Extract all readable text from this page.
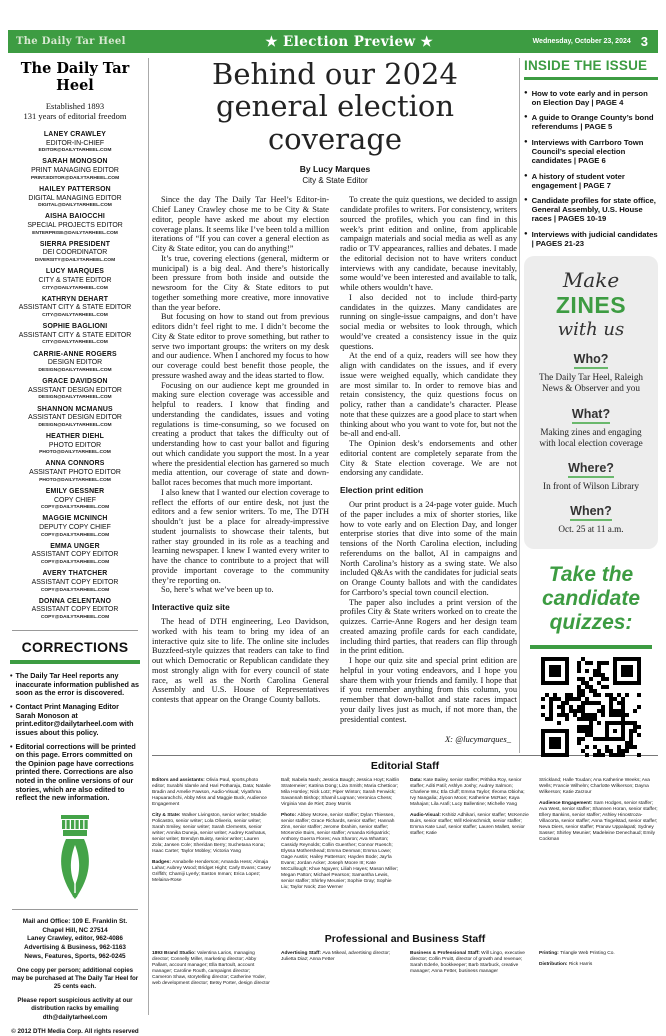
The Daily Tar Heel	★ Election Preview ★	Wednesday, October 23, 2024 3
The Daily Tar Heel
Established 1893
131 years of editorial freedom
LANEY CRAWLEY
EDITOR-IN-CHIEF
EDITOR@DAILYTARHEEL.COM
SARAH MONOSON
PRINT MANAGING EDITOR
PRINT.EDITOR@DAILYTARHEEL.COM
HAILEY PATTERSON
DIGITAL MANAGING EDITOR
DIGITAL@DAILYTARHEEL.COM
AISHA BAIOCCHI
SPECIAL PROJECTS EDITOR
ENTERPRISE@DAILYTARHEEL.COM
SIERRA PRESIDENT
DEI COORDINATOR
DIVERSITY@DAILYTARHEEL.COM
LUCY MARQUES
CITY & STATE EDITOR
CITY@DAILYTARHEEL.COM
KATHRYN DEHART
ASSISTANT CITY & STATE EDITOR
CITY@DAILYTARHEEL.COM
SOPHIE BAGLIONI
ASSISTANT CITY & STATE EDITOR
CITY@DAILYTARHEEL.COM
CARRIE-ANNE ROGERS
DESIGN EDITOR
DESIGN@DAILYTARHEEL.COM
GRACE DAVIDSON
ASSISTANT DESIGN EDITOR
DESIGN@DAILYTARHEEL.COM
SHANNON MCMANUS
ASSISTANT DESIGN EDITOR
DESIGN@DAILYTARHEEL.COM
HEATHER DIEHL
PHOTO EDITOR
PHOTO@DAILYTARHEEL.COM
ANNA CONNORS
ASSISTANT PHOTO EDITOR
PHOTO@DAILYTARHEEL.COM
EMILY GESSNER
COPY CHIEF
COPY@DAILYTARHEEL.COM
MAGGIE MCNINCH
DEPUTY COPY CHIEF
COPY@DAILYTARHEEL.COM
EMMA UNGER
ASSISTANT COPY EDITOR
COPY@DAILYTARHEEL.COM
AVERY THATCHER
ASSISTANT COPY EDITOR
COPY@DAILYTARHEEL.COM
DONNA CELENTANO
ASSISTANT COPY EDITOR
COPY@DAILYTARHEEL.COM
CORRECTIONS
• The Daily Tar Heel reports any inaccurate information published as soon as the error is discovered.
• Contact Print Managing Editor Sarah Monoson at print.editor@dailytarheel.com with issues about this policy.
• Editorial corrections will be printed on this page. Errors committed on the Opinion page have corrections printed there. Corrections are also noted in the online versions of our stories, which are also edited to reflect the new information.
Mail and Office: 109 E. Franklin St.
Chapel Hill, NC 27514
Laney Crawley, editor, 962-4086
Advertising & Business, 962-1163
News, Features, Sports, 962-0245
One copy per person; additional copies may be purchased at The Daily Tar Heel for 25 cents each.
Please report suspicious activity at our distribution racks by emailing dth@dailytarheel.com
© 2012 DTH Media Corp. All rights reserved
Behind our 2024 general election coverage
By Lucy Marques
City & State Editor

Since the day The Daily Tar Heel’s Editor-in-Chief Laney Crawley chose me to be City & State editor, people have asked me about my election coverage plans. It seems like I’ve been told a million iterations of “If you can cover a general election as City & State editor, you can do anything!”

It’s true, covering elections (general, midterm or municipal) is a big deal. And there’s historically been pressure from both inside and outside the newsroom for the City & State editors to put together something more creative, more innovative than the year before.

But focusing on how to stand out from previous editors didn’t feel right to me. I didn’t become the City & State editor to prove something, but rather to serve two important groups: the writers on my desk and our audience. When I anchored my focus to how our coverage could best benefit those people, the pressure washed away and the ideas started to flow.

Focusing on our audience kept me grounded in making sure election coverage was accessible and helpful to readers. I know that finding and understanding the candidates, issues and voting regulations is time-consuming, so we focused on creating a product that takes the difficulty out of understanding how to cast your ballot and figuring out which candidate you support the most. In a year where the presidential election has garnered so much media attention, our coverage of state and down-ballot races becomes that much more important.

I also knew that I wanted our election coverage to reflect the efforts of our entire desk, not just the editors and a few senior writers. To me, The DTH shouldn’t just be a place for already-impressive student journalists to showcase their talents, but rather stay grounded in its role as a teaching and learning newspaper. I knew I wanted every writer to have the chance to contribute to a project that will provide important coverage to the community they’re reporting on.

So, here’s what we’ve been up to.

Interactive quiz site

The head of DTH engineering, Leo Davidson, worked with his team to bring my idea of an interactive quiz site to life. The online site includes Buzzfeed-style quizzes that readers can take to find out which Democratic or Republican candidate they most strongly align with for every council of state race, as well as the North Carolina General Assembly and U.S. House of Representatives contests that appear on the Orange County ballots.

To create the quiz questions, we decided to assign candidate profiles to writers. For consistency, writers sourced the profiles, which you can find in this week’s print edition and online, from applicable campaign materials and social media as well as any radio or TV appearances, rallies and debates. I made the editorial decision not to have writers conduct interviews with any candidate, because inevitably, some would’ve been interested and available to talk, while others wouldn’t have.

I also decided not to include third-party candidates in the quizzes. Many candidates are running on single-issue campaigns, and don’t have social media or websites to look through, which would’ve created a consistency issue in the quiz questions.

At the end of a quiz, readers will see how they align with candidates on the issues, and if every issue were weighed equally, which candidate they are most similar to. In order to remove bias and retain consistency, the quiz questions focus on policy, rather than a candidate’s character. Please note that these quizzes are a good place to start when thinking about who you want to vote for, but not the be-all and end-all.

The Opinion desk’s endorsements and other editorial content are completely separate from the City & State election coverage. We are not endorsing any candidate.

Election print edition

Our print product is a 24-page voter guide. Much of the paper includes a mix of shorter stories, like how to vote early and on Election Day, and longer enterprise stories that dive into some of the main tensions of the North Carolina election, including referendums on the ballot, AI in campaigns and North Carolina’s history as a swing state. We also included Q&As with the candidates for judicial seats on Orange County ballots and with the candidates for Carrboro’s special town council election.

The paper also includes a print version of the profiles City & State writers worked on to create the quizzes. Carrie-Anne Rogers and her design team created amazing profile cards for each candidate, including third parties, that readers can flip through in the print edition.

I hope our quiz site and special print edition are helpful in your voting endeavors, and I hope you share them with your friends and family. I hope that if you remember anything from this column, you remember that down-ballot and state races impact your daily lives just as much, if not more than, the presidential contest.

X: @lucymarques_
INSIDE THE ISSUE
● How to vote early and in person on Election Day | PAGE 4
● A guide to Orange County’s bond referendums | PAGE 5
● Interviews with Carrboro Town Council’s special election candidates | PAGE 6
● A history of student voter engagement | PAGE 7
● Candidate profiles for state office, General Assembly, U.S. House races | PAGES 10-19
● Interviews with judicial candidates | PAGES 21-23
Make ZINES
with us
Who?
The Daily Tar Heel, Raleigh News & Observer and you
What?
Making zines and engaging with local election coverage
Where?
In front of Wilson Library
When?
Oct. 25 at 11 a.m.
Take the candidate quizzes:
Editorial Staff

Editors and assistants: Olivia Paul, sports,photo editor; Surabhi Idamle and Hari Potharaju, Data; Natalie Bradin and Amelie Fawson, Audio-Visual; Viyathma Hapuarachchi, Abby Miss and Maggie Buck, Audience Engagement

City & State: Walker Livingston, senior writer; Maddie Policastro, senior writer; Lola Oliverio, senior writer; Sarah Smiley, senior writer; Sarah Clements, senior writer; Annika Duneja, senior writer; Audrey Kashatus, senior writer; Brendyn Buisty, senior writer; Lauren Zola; Jansen Cole; Sheridan Berry; Suchetana Kona; Isaac Carter; Taylor Mobley; Victoria Yang

Badges: Annabelle Henderson; Amanda Hess; Almaja Lahar; Aubrey Wood; Bridget Hight; Carly Evans; Casey Griffith; Chamiji Lyerly; Easton Inman; Erica Lopez; Melaina-Rose

Ball; Isabela Nash; Jessica Baugh; Jessica Hoyt; Kaitlin Stratemeier; Katrina Dong; Liza Smith; Maria Chetticor; Mila Horsley; Nick Lotz; Piper Winton; Sarah Fenwick; Savannah Bishop; Shamil Luqman; Veronica Chess; Virginia Van de Riet; Zoey Morris

Photo: Abbey McKee, senior staffer; Dylan Thiessen, senior staffer; Grace Richards, senior staffer; Hannah Zinn, senior staffer; Jerome Ibrahim, senior staffer; McKenzie Buirs, senior staffer; Amanda Kirkpatrick; Anthony Guerra Flores; Ava Sharon; Ava Wharton; Cassidy Reynolds; Collin Guenther; Connor Ruesch; Elyssa Mothershead; Emma Denman; Emma Lowe; Gage Austin; Hailey Patterson; Hayden Bode; Jay’la Evans; Jordan Acker; Joseph Moore III; Kate McCullough; Khue Nguyen; Liliah Hayes; Mason Miller; Megan Patton; Michael Pearson; Samantha Lewis, senior staffer; Shirley Meunier; Sophie Gray; Sophie Liu; Taylor Nock; Zoe Werner

Data: Kate Bailey, senior staffer; Prithika Roy, senior staffer; Aditi Patil; Ashlyn Joshy; Audrey Salmon; Charlene Wu; Ela Cluff; Emma Taylor; Ifeoma Obioha; Ivy Nangalia; Jiyoon Moon; Katherine McRae; Kaya Mahajan; Lila Arafi; Lucy Ballentine; Michelle Yang

Audio-Visual: Kshitiz Adhikari, senior staffer; McKenzie Buirs, senior staffer; Will Kleinschmidt, senior staffer; Emma Kate Lauf, senior staffer; Lauren Mallett, senior staffer; Katie

Strickland; Halle Toudan; Ana Katherine Weeks; Ava Wells; Francie Wilhelm; Charlotte Wilkerson; Dayna Wilkerson; Katie Zarzour

Audience Engagement: Sam Hodges, senior staffer; Ava West, senior staffer; Shannen Horan, senior staffer; Ellery Bankins, senior staffer; Ashley Hinostroza-Villacorta, senior staffer; Anna Tingelstad, senior staffer; Neva Diers, senior staffer; Pranav Uppalapati; Sydney Sasser; Shirley Meunier; Madeleine Denechaud; Emily Cockman

Professional and Business Staff

1893 Brand Studio: Valentina Larios, managing director; Connelly Miller, marketing director; Abby Pallant, account manager; Ella Bartoult, account manager; Caroline Routh, campaigns director; Cameron Shaw, storytelling director; Catherine Yoder, web development director; Betsy Porter, design director

Advertising Staff: Ava Mikeal, advertising director; Julietta Diaz; Anna Fetter

Business & Professional Staff: Will Lingo, executive director; Collin Pruitt, director of growth and revenue; Sarah Ederle, bookkeeper; Barb Starbuck, creative manager; Anna Fetter, business manager

Printing: Triangle Web Printing Co.

Distribution: Rick Harris
